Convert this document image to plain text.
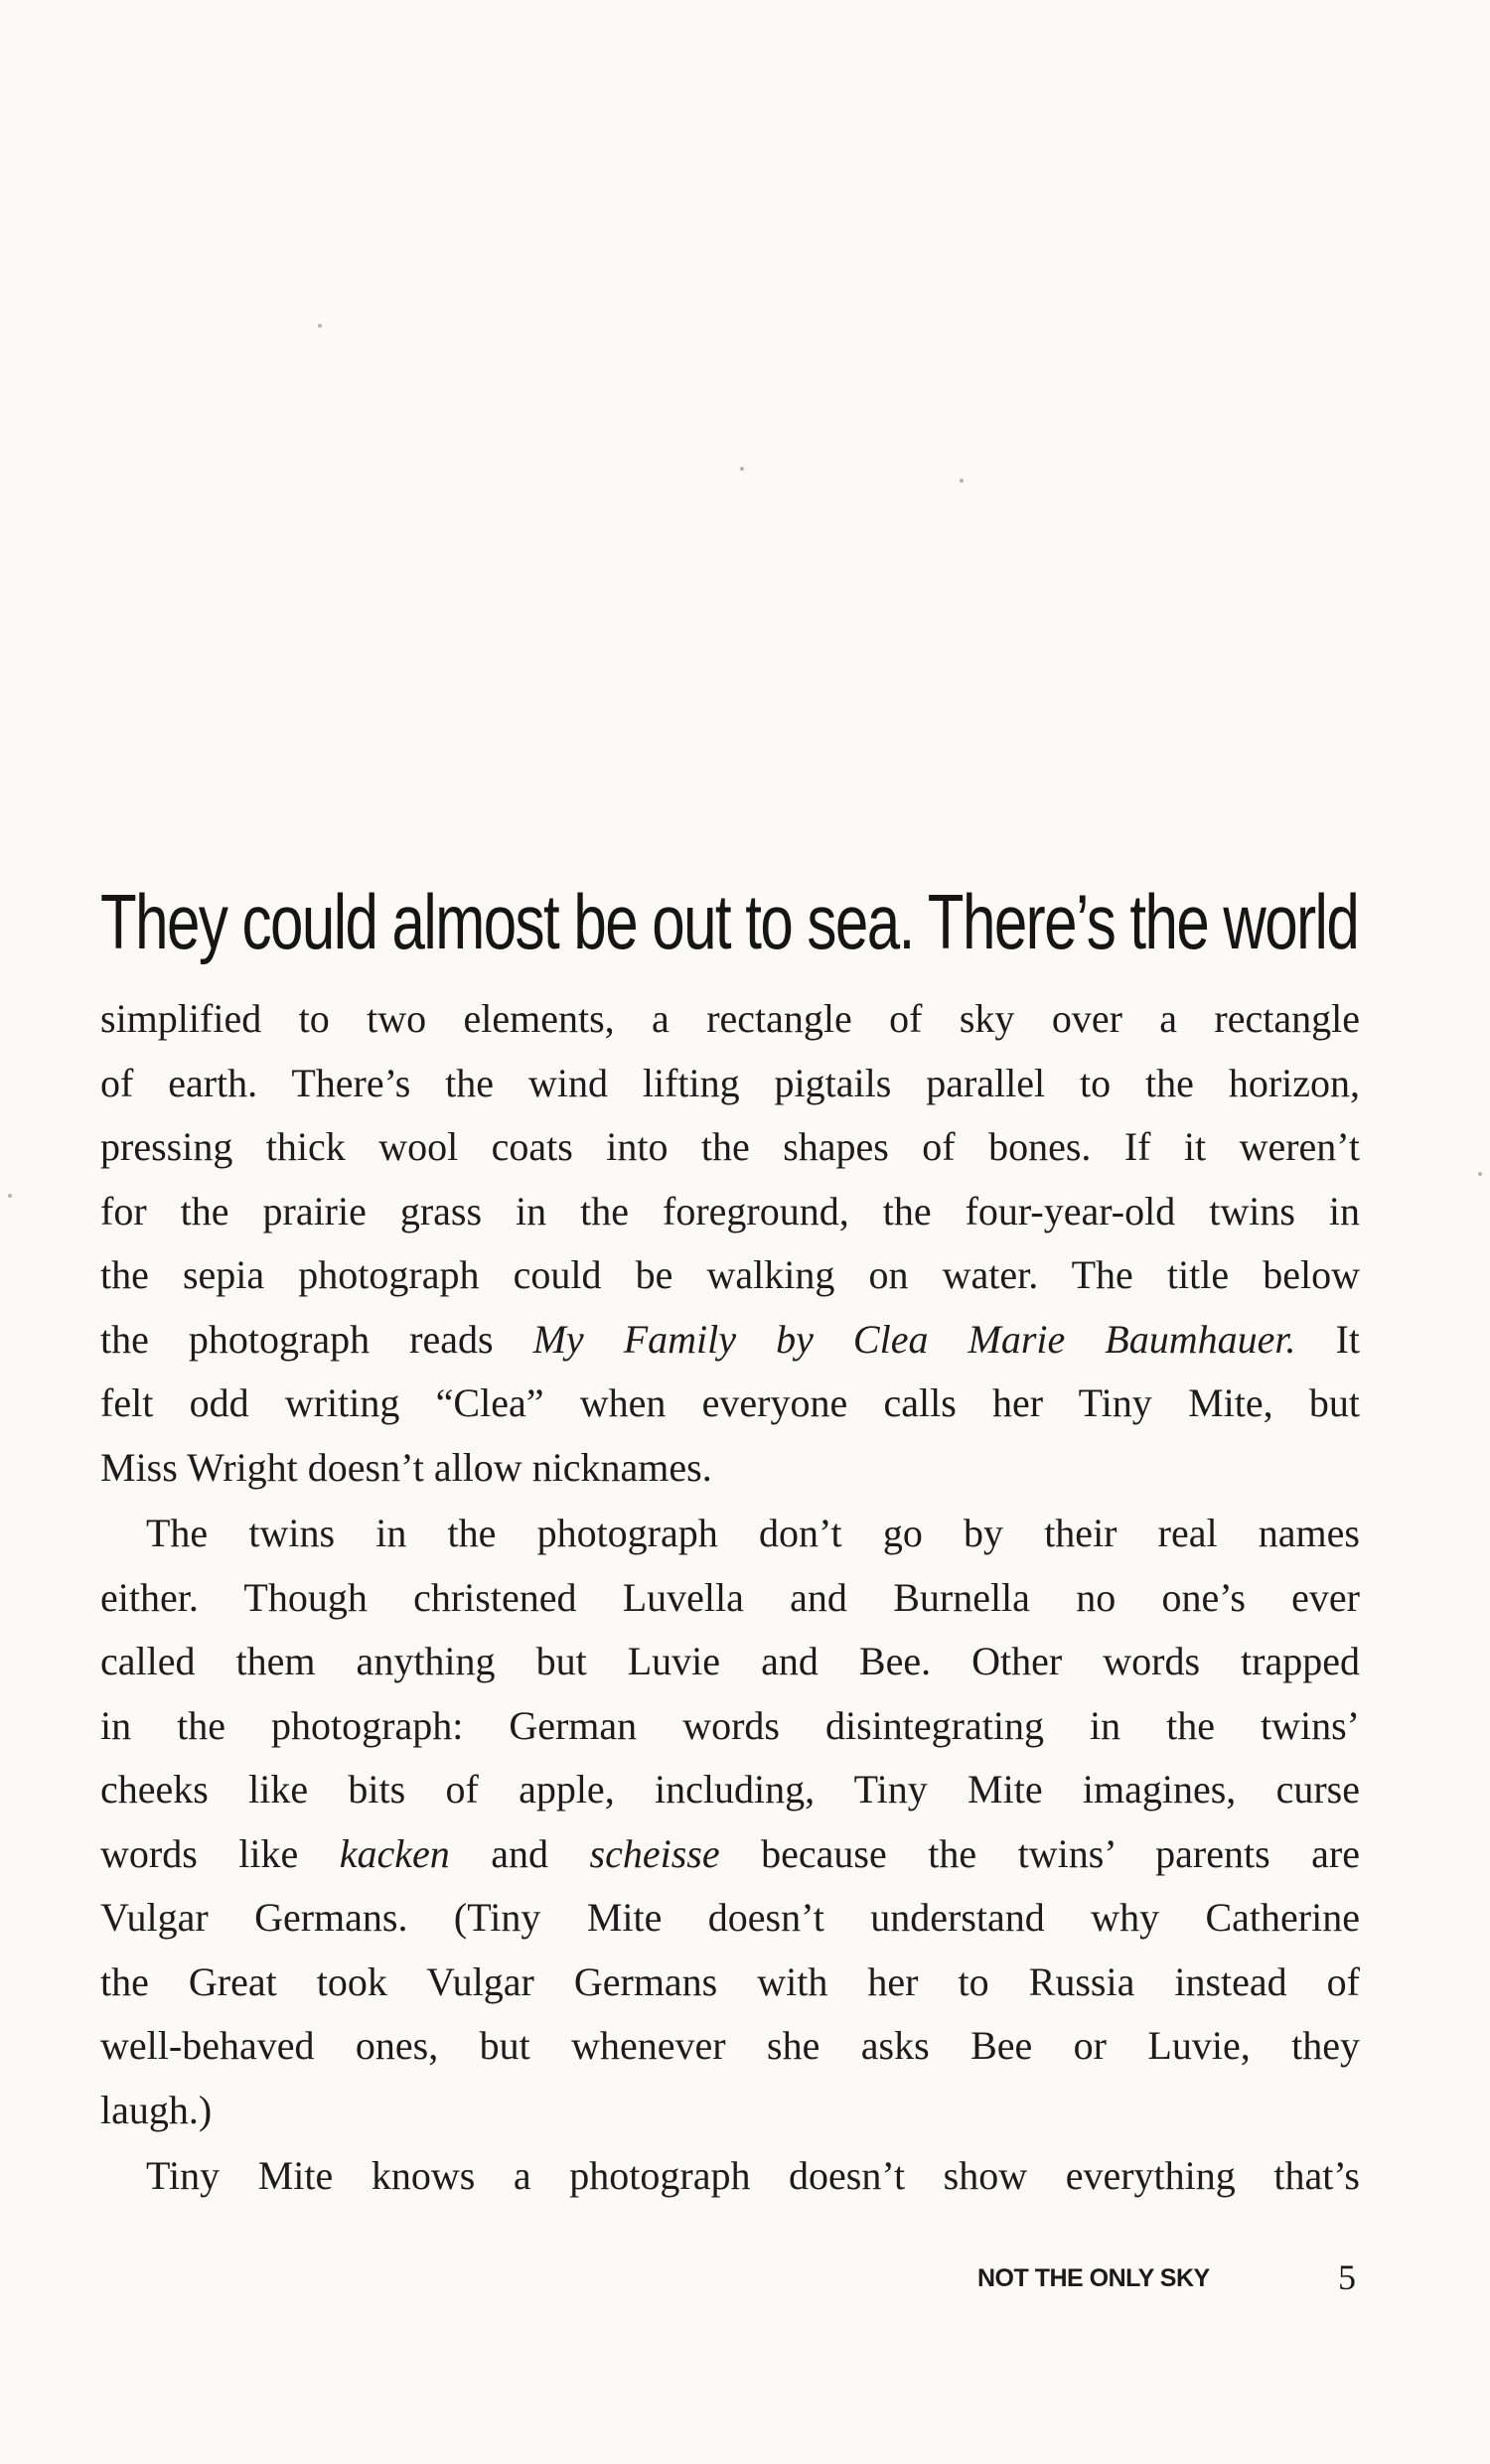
They could almost be out to sea. There’s the world
simplified to two elements, a rectangle of sky over a rectangle
of earth. There’s the wind lifting pigtails parallel to the horizon,
pressing thick wool coats into the shapes of bones. If it weren’t
for the prairie grass in the foreground, the four-year-old twins in
the sepia photograph could be walking on water. The title below
the photograph reads My Family by Clea Marie Baumhauer. It
felt odd writing “Clea” when everyone calls her Tiny Mite, but
Miss Wright doesn’t allow nicknames.
The twins in the photograph don’t go by their real names
either. Though christened Luvella and Burnella no one’s ever
called them anything but Luvie and Bee. Other words trapped
in the photograph: German words disintegrating in the twins’
cheeks like bits of apple, including, Tiny Mite imagines, curse
words like kacken and scheisse because the twins’ parents are
Vulgar Germans. (Tiny Mite doesn’t understand why Catherine
the Great took Vulgar Germans with her to Russia instead of
well-behaved ones, but whenever she asks Bee or Luvie, they
laugh.)
Tiny Mite knows a photograph doesn’t show everything that’s
NOT THE ONLY SKY	5
